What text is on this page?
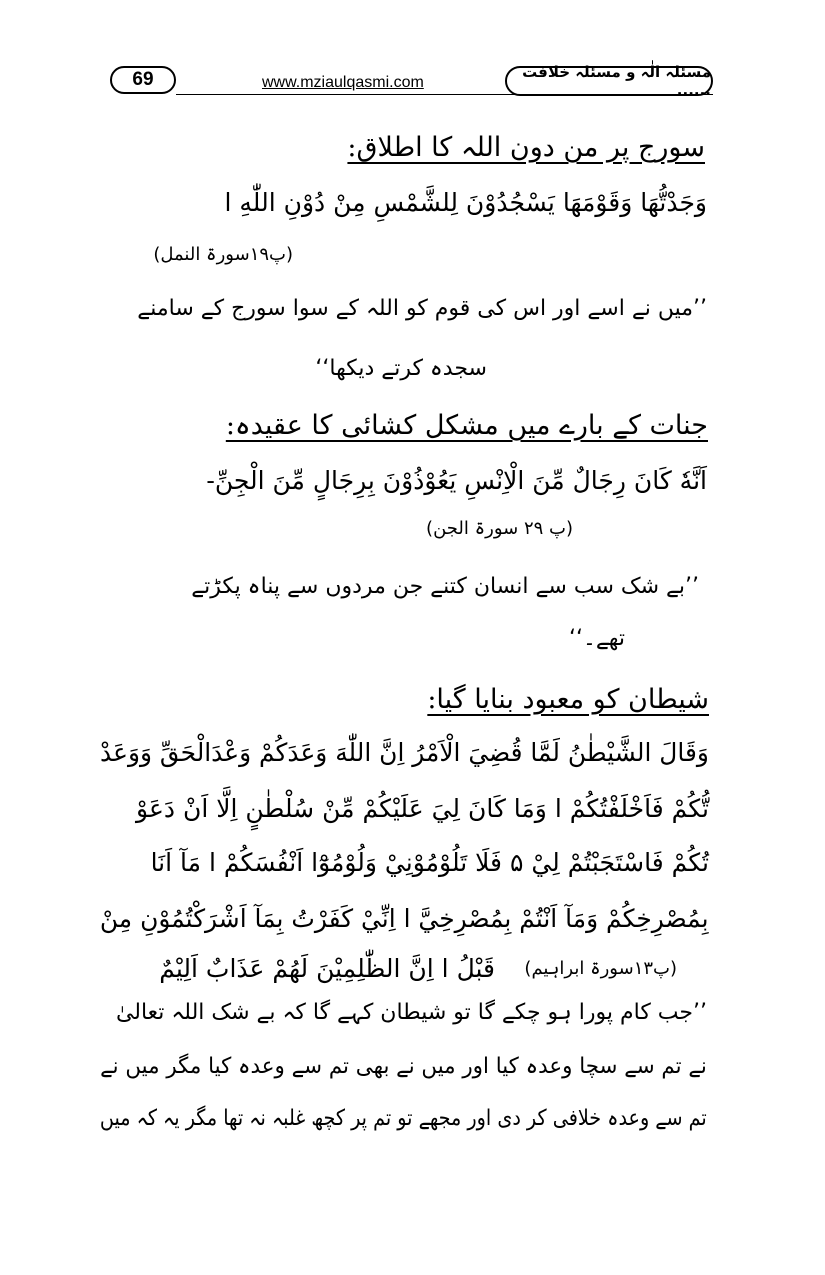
69	www.mziaulqasmi.com
مسئلہ الٰہ و مسئلہ خلافت ......
سورج پر من دون اللہ کا اطلاق:
وَجَدْتُّهَا وَقَوْمَهَا يَسْجُدُوْنَ لِلشَّمْسِ مِنْ دُوْنِ اللّٰهِ ا
(پ۱۹سورۃ النمل)
’’میں نے اسے اور اس کی قوم کو اللہ کے سوا سورج کے سامنے
سجدہ کرتے دیکھا‘‘
جنات کے بارے میں مشکل کشائی کا عقیدہ:
اَنَّهٗ كَانَ رِجَالٌ مِّنَ الْاِنْسِ يَعُوْذُوْنَ بِرِجَالٍ مِّنَ الْجِنِّ-
(پ ۲۹ سورۃ الجن)
’’بے شک سب سے انسان کتنے جن مردوں سے پناہ پکڑتے
تھے۔‘‘
شیطان کو معبود بنایا گیا:
وَقَالَ الشَّيْطٰنُ لَمَّا قُضِيَ الْاَمْرُ اِنَّ اللّٰهَ وَعَدَكُمْ وَعْدَالْحَقِّ وَوَعَدْ
تُّكُمْ فَاَخْلَفْتُكُمْ ا وَمَا كَانَ لِيَ عَلَيْكُمْ مِّنْ سُلْطٰنٍ اِلَّا اَنْ دَعَوْ
تُكُمْ فَاسْتَجَبْتُمْ لِيْ ۵ فَلَا تَلُوْمُوْنِيْ وَلُوْمُوْٓا اَنْفُسَكُمْ ا مَآ اَنَا
بِمُصْرِخِكُمْ وَمَآ اَنْتُمْ بِمُصْرِخِيَّ ا اِنِّيْ كَفَرْتُ بِمَآ اَشْرَكْتُمُوْنِ مِنْ
قَبْلُ ا اِنَّ الظّٰلِمِيْنَ لَهُمْ عَذَابٌ اَلِيْمٌ (پ۱۳سورۃ ابراہیم)
’’جب کام پورا ہو چکے گا تو شیطان کہے گا کہ بے شک اللہ تعالیٰ
نے تم سے سچا وعدہ کیا اور میں نے بھی تم سے وعدہ کیا مگر میں نے
تم سے وعدہ خلافی کر دی اور مجھے تو تم پر کچھ غلبہ نہ تھا مگر یہ کہ میں
